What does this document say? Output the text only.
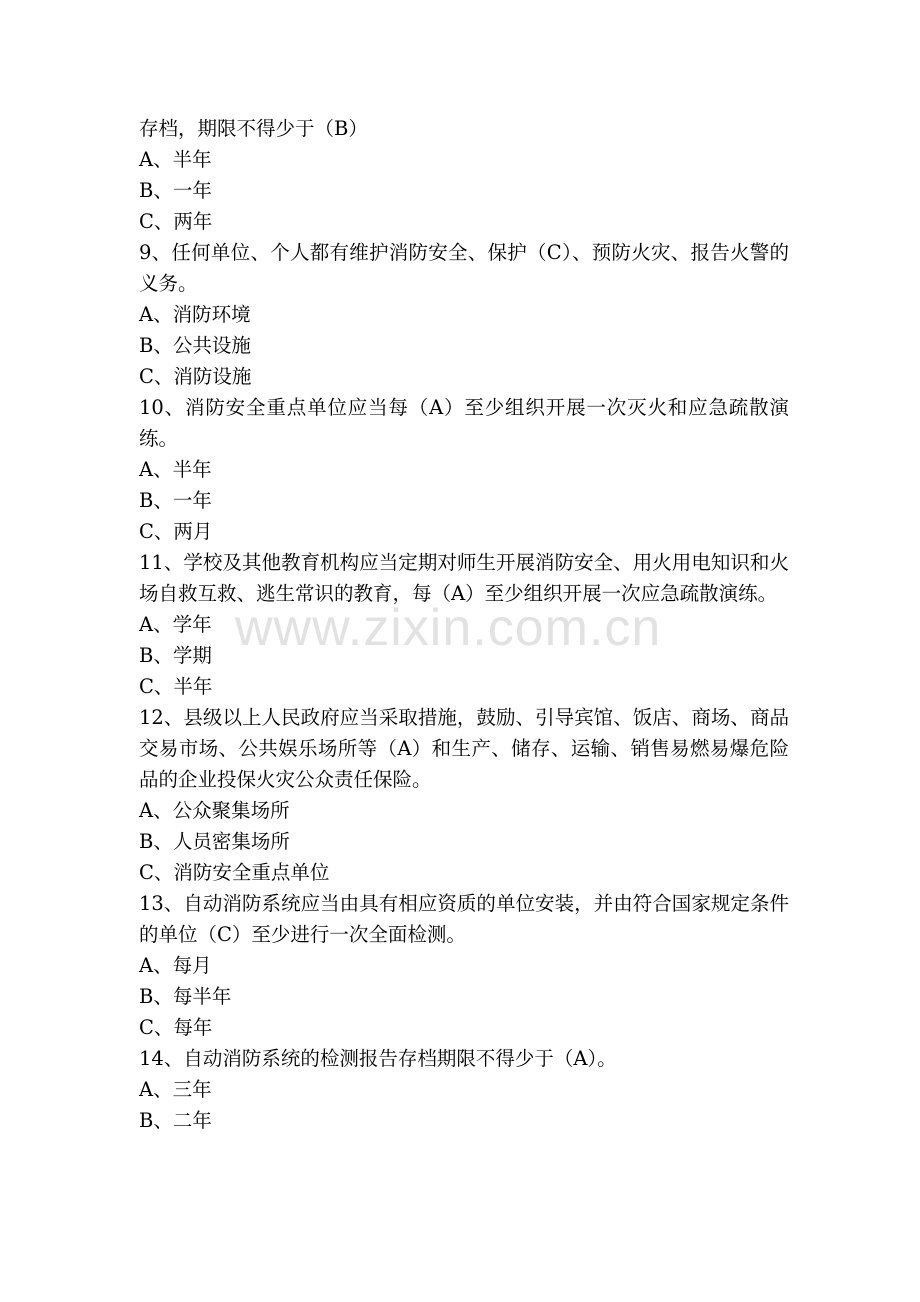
存档，期限不得少于（B）
A、半年
B、一年
C、两年
9、任何单位、个人都有维护消防安全、保护（C）、预防火灾、报告火警的义务。
A、消防环境
B、公共设施
C、消防设施
10、消防安全重点单位应当每（A）至少组织开展一次灭火和应急疏散演练。
A、半年
B、一年
C、两月
11、学校及其他教育机构应当定期对师生开展消防安全、用火用电知识和火场自救互救、逃生常识的教育，每（A）至少组织开展一次应急疏散演练。
A、学年
B、学期
C、半年
12、县级以上人民政府应当采取措施，鼓励、引导宾馆、饭店、商场、商品交易市场、公共娱乐场所等（A）和生产、储存、运输、销售易燃易爆危险品的企业投保火灾公众责任保险。
A、公众聚集场所
B、人员密集场所
C、消防安全重点单位
13、自动消防系统应当由具有相应资质的单位安装，并由符合国家规定条件的单位（C）至少进行一次全面检测。
A、每月
B、每半年
C、每年
14、自动消防系统的检测报告存档期限不得少于（A）。
A、三年
B、二年
www.zixin.com.cn
